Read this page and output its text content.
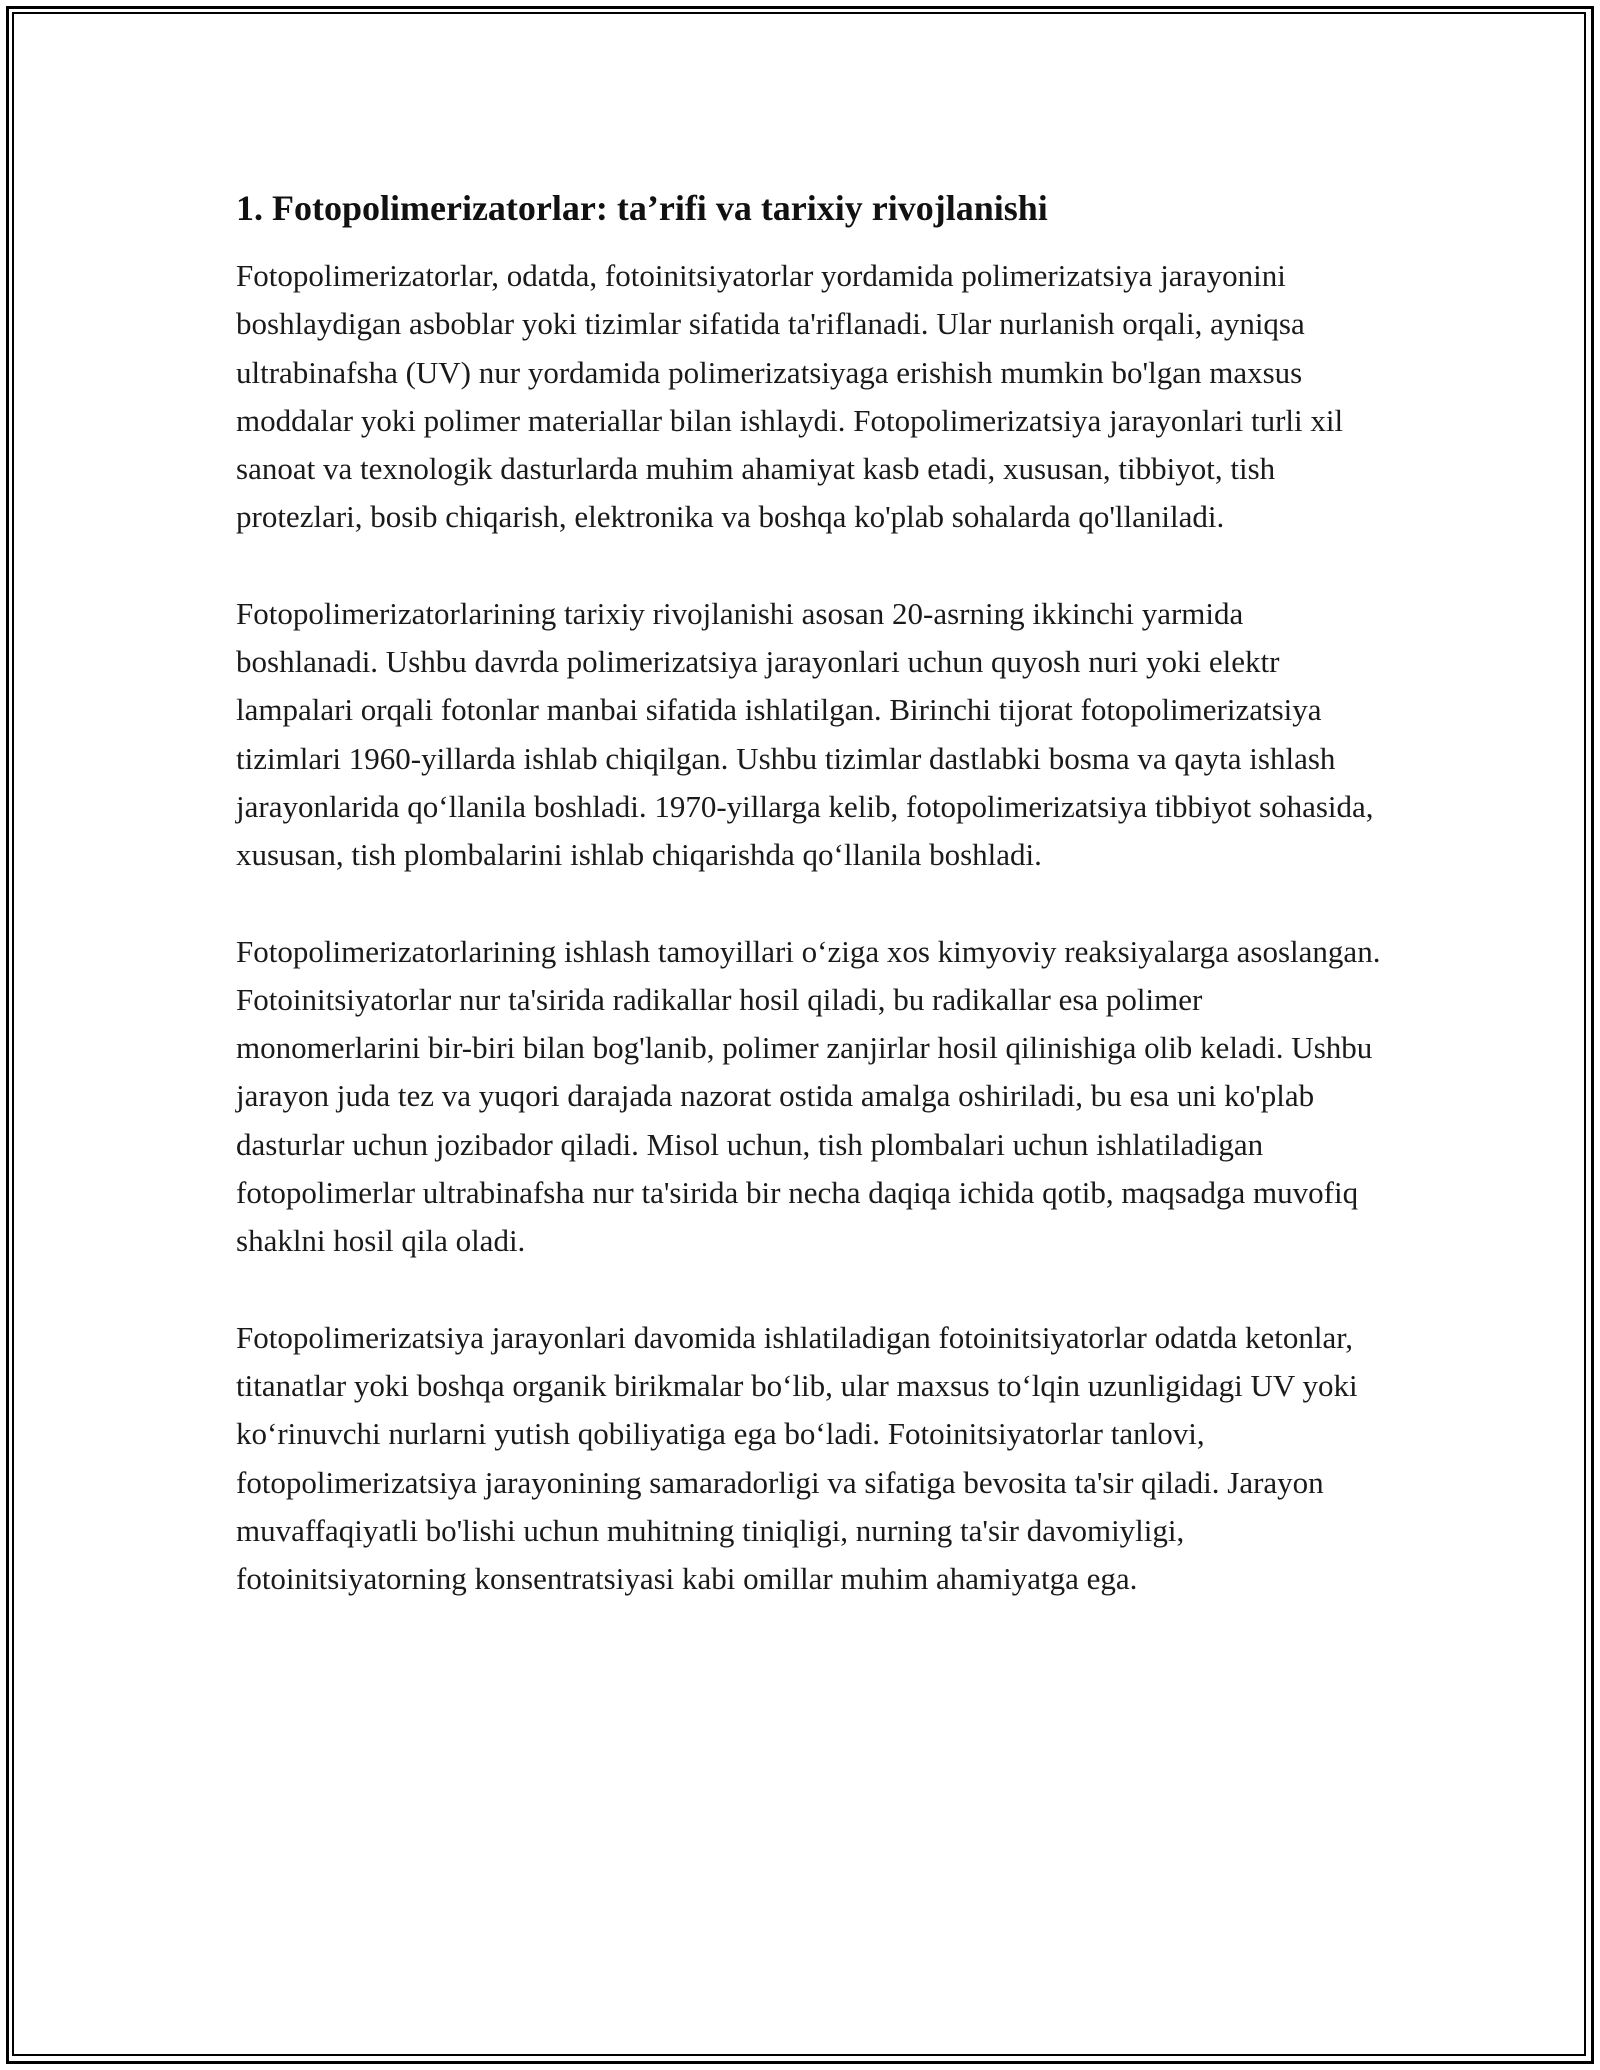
1. Fotopolimerizatorlar: ta’rifi va tarixiy rivojlanishi

Fotopolimerizatorlar, odatda, fotoinitsiyatorlar yordamida polimerizatsiya jarayonini boshlaydigan asboblar yoki tizimlar sifatida ta'riflanadi. Ular nurlanish orqali, ayniqsa ultrabinafsha (UV) nur yordamida polimerizatsiyaga erishish mumkin bo'lgan maxsus moddalar yoki polimer materiallar bilan ishlaydi. Fotopolimerizatsiya jarayonlari turli xil sanoat va texnologik dasturlarda muhim ahamiyat kasb etadi, xususan, tibbiyot, tish protezlari, bosib chiqarish, elektronika va boshqa ko'plab sohalarda qo'llaniladi.

Fotopolimerizatorlarining tarixiy rivojlanishi asosan 20-asrning ikkinchi yarmida boshlanadi. Ushbu davrda polimerizatsiya jarayonlari uchun quyosh nuri yoki elektr lampalari orqali fotonlar manbai sifatida ishlatilgan. Birinchi tijorat fotopolimerizatsiya tizimlari 1960-yillarda ishlab chiqilgan. Ushbu tizimlar dastlabki bosma va qayta ishlash jarayonlarida qo‘llanila boshladi. 1970-yillarga kelib, fotopolimerizatsiya tibbiyot sohasida, xususan, tish plombalarini ishlab chiqarishda qo‘llanila boshladi.

Fotopolimerizatorlarining ishlash tamoyillari o‘ziga xos kimyoviy reaksiyalarga asoslangan. Fotoinitsiyatorlar nur ta'sirida radikallar hosil qiladi, bu radikallar esa polimer monomerlarini bir-biri bilan bog'lanib, polimer zanjirlar hosil qilinishiga olib keladi. Ushbu jarayon juda tez va yuqori darajada nazorat ostida amalga oshiriladi, bu esa uni ko'plab dasturlar uchun jozibador qiladi. Misol uchun, tish plombalari uchun ishlatiladigan fotopolimerlar ultrabinafsha nur ta'sirida bir necha daqiqa ichida qotib, maqsadga muvofiq shaklni hosil qila oladi.

Fotopolimerizatsiya jarayonlari davomida ishlatiladigan fotoinitsiyatorlar odatda ketonlar, titanatlar yoki boshqa organik birikmalar bo‘lib, ular maxsus to‘lqin uzunligidagi UV yoki ko‘rinuvchi nurlarni yutish qobiliyatiga ega bo‘ladi. Fotoinitsiyatorlar tanlovi, fotopolimerizatsiya jarayonining samaradorligi va sifatiga bevosita ta'sir qiladi. Jarayon muvaffaqiyatli bo'lishi uchun muhitning tiniqligi, nurning ta'sir davomiyligi, fotoinitsiyatorning konsentratsiyasi kabi omillar muhim ahamiyatga ega.
